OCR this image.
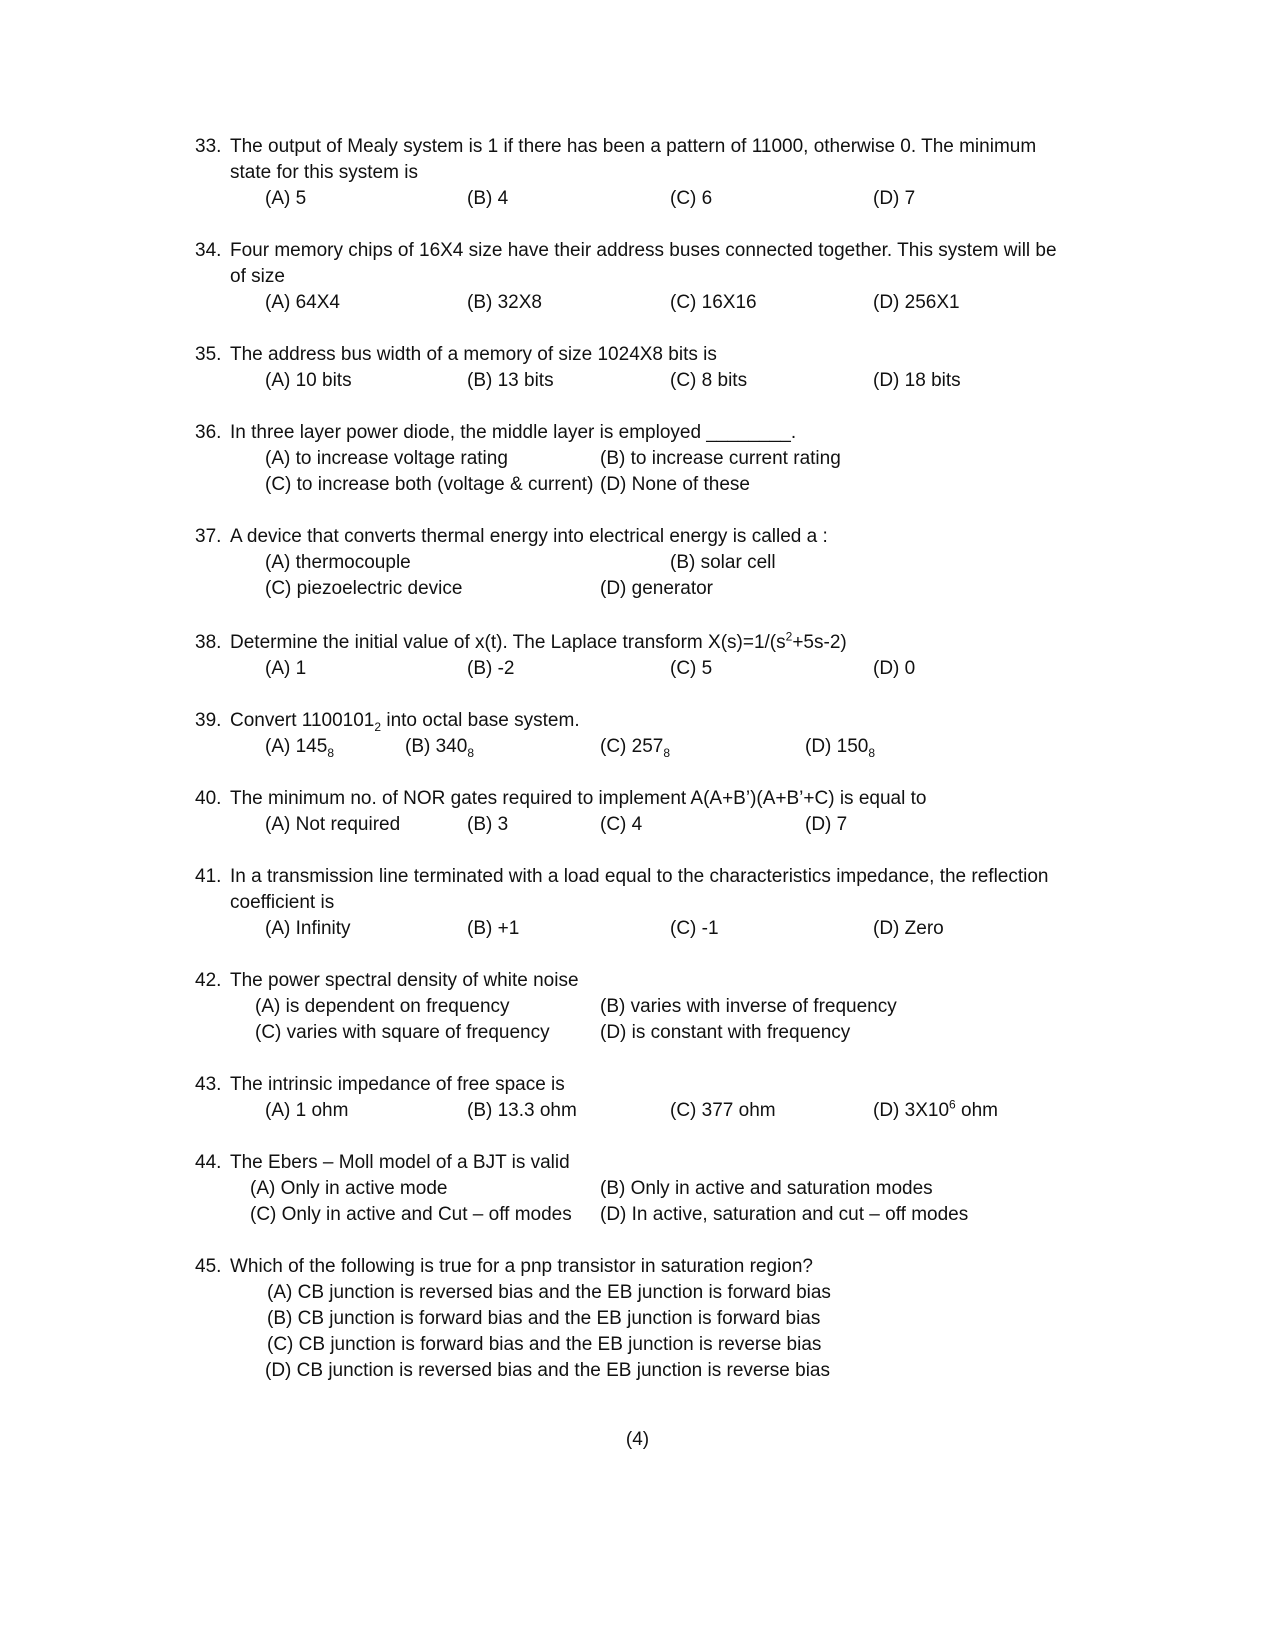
33. The output of Mealy system is 1 if there has been a pattern of 11000, otherwise 0. The minimum
state for this system is
(A) 5	(B) 4	(C) 6	(D) 7
34. Four memory chips of 16X4 size have their address buses connected together. This system will be
of size
(A) 64X4	(B) 32X8	(C) 16X16	(D) 256X1
35. The address bus width of a memory of size 1024X8 bits is
(A) 10 bits	(B) 13 bits	(C) 8 bits	(D) 18 bits
36. In three layer power diode, the middle layer is employed ________.
(A) to increase voltage rating	(B) to increase current rating
(C) to increase both (voltage & current) (D) None of these
37. A device that converts thermal energy into electrical energy is called a :
(A) thermocouple	(B) solar cell
(C) piezoelectric device	(D) generator
38. Determine the initial value of x(t). The Laplace transform $X(s)=1/(s^2+5s-2)$
(A) 1	(B) -2	(C) 5	(D) 0
39. Convert $1100101_2$ into octal base system.
(A) $145_8$	(B) $340_8$	(C) $257_8$	(D) $150_8$
40. The minimum no. of NOR gates required to implement A(A+B’)(A+B’+C) is equal to
(A) Not required	(B) 3	(C) 4	(D) 7
41. In a transmission line terminated with a load equal to the characteristics impedance, the reflection
coefficient is
(A) Infinity	(B) +1	(C) -1	(D) Zero
42. The power spectral density of white noise
(A) is dependent on frequency	(B) varies with inverse of frequency
(C) varies with square of frequency	(D) is constant with frequency
43. The intrinsic impedance of free space is
(A) 1 ohm	(B) 13.3 ohm	(C) 377 ohm	(D) $3X10^6$ ohm
44. The Ebers – Moll model of a BJT is valid
(A) Only in active mode	(B) Only in active and saturation modes
(C) Only in active and Cut – off modes (D) In active, saturation and cut – off modes
45. Which of the following is true for a pnp transistor in saturation region?
(A) CB junction is reversed bias and the EB junction is forward bias
(B) CB junction is forward bias and the EB junction is forward bias
(C) CB junction is forward bias and the EB junction is reverse bias
(D) CB junction is reversed bias and the EB junction is reverse bias
(4)
